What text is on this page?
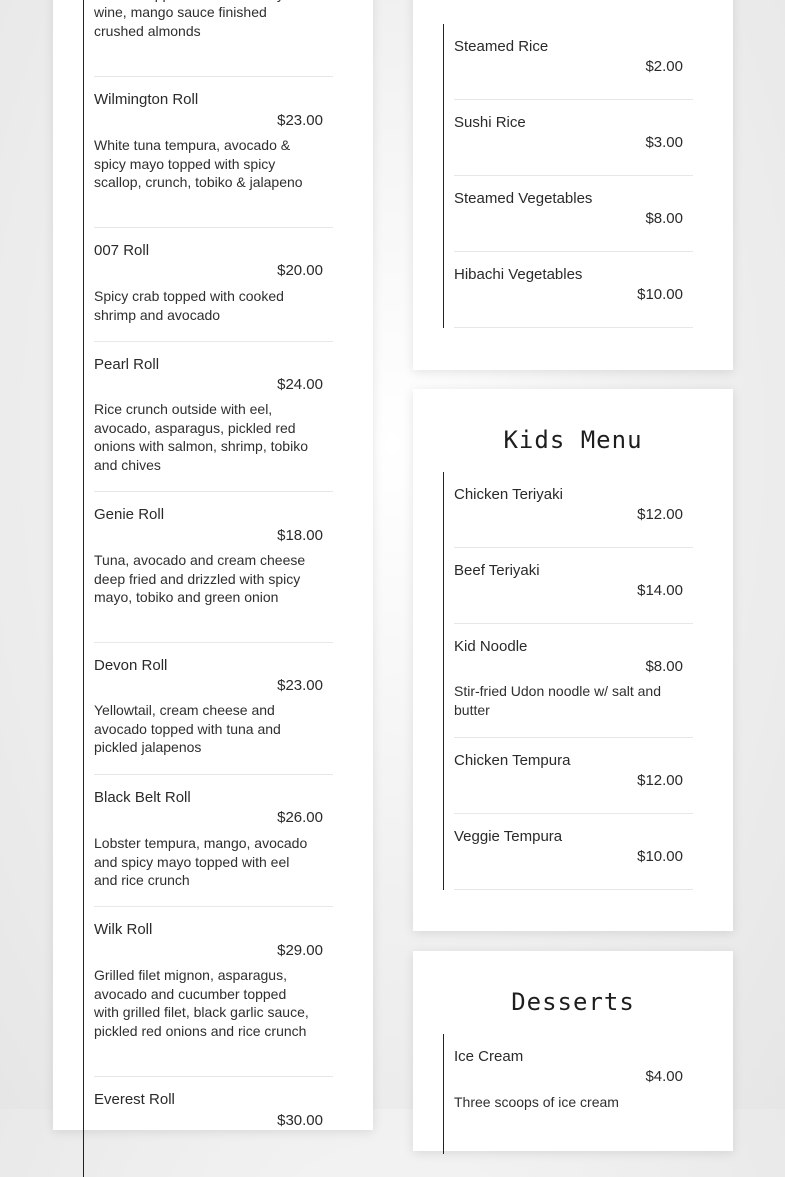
wine, mango sauce finished crushed almonds
Wilmington Roll
$23.00
White tuna tempura, avocado & spicy mayo topped with spicy scallop, crunch, tobiko & jalapeno
007 Roll
$20.00
Spicy crab topped with cooked shrimp and avocado
Pearl Roll
$24.00
Rice crunch outside with eel, avocado, asparagus, pickled red onions with salmon, shrimp, tobiko and chives
Genie Roll
$18.00
Tuna, avocado and cream cheese deep fried and drizzled with spicy mayo, tobiko and green onion
Devon Roll
$23.00
Yellowtail, cream cheese and avocado topped with tuna and pickled jalapenos
Black Belt Roll
$26.00
Lobster tempura, mango, avocado and spicy mayo topped with eel and rice crunch
Wilk Roll
$29.00
Grilled filet mignon, asparagus, avocado and cucumber topped with grilled filet, black garlic sauce, pickled red onions and rice crunch
Everest Roll
$30.00
Steamed Rice
$2.00
Sushi Rice
$3.00
Steamed Vegetables
$8.00
Hibachi Vegetables
$10.00
Kids Menu
Chicken Teriyaki
$12.00
Beef Teriyaki
$14.00
Kid Noodle
$8.00
Stir-fried Udon noodle w/ salt and butter
Chicken Tempura
$12.00
Veggie Tempura
$10.00
Desserts
Ice Cream
$4.00
Three scoops of ice cream
